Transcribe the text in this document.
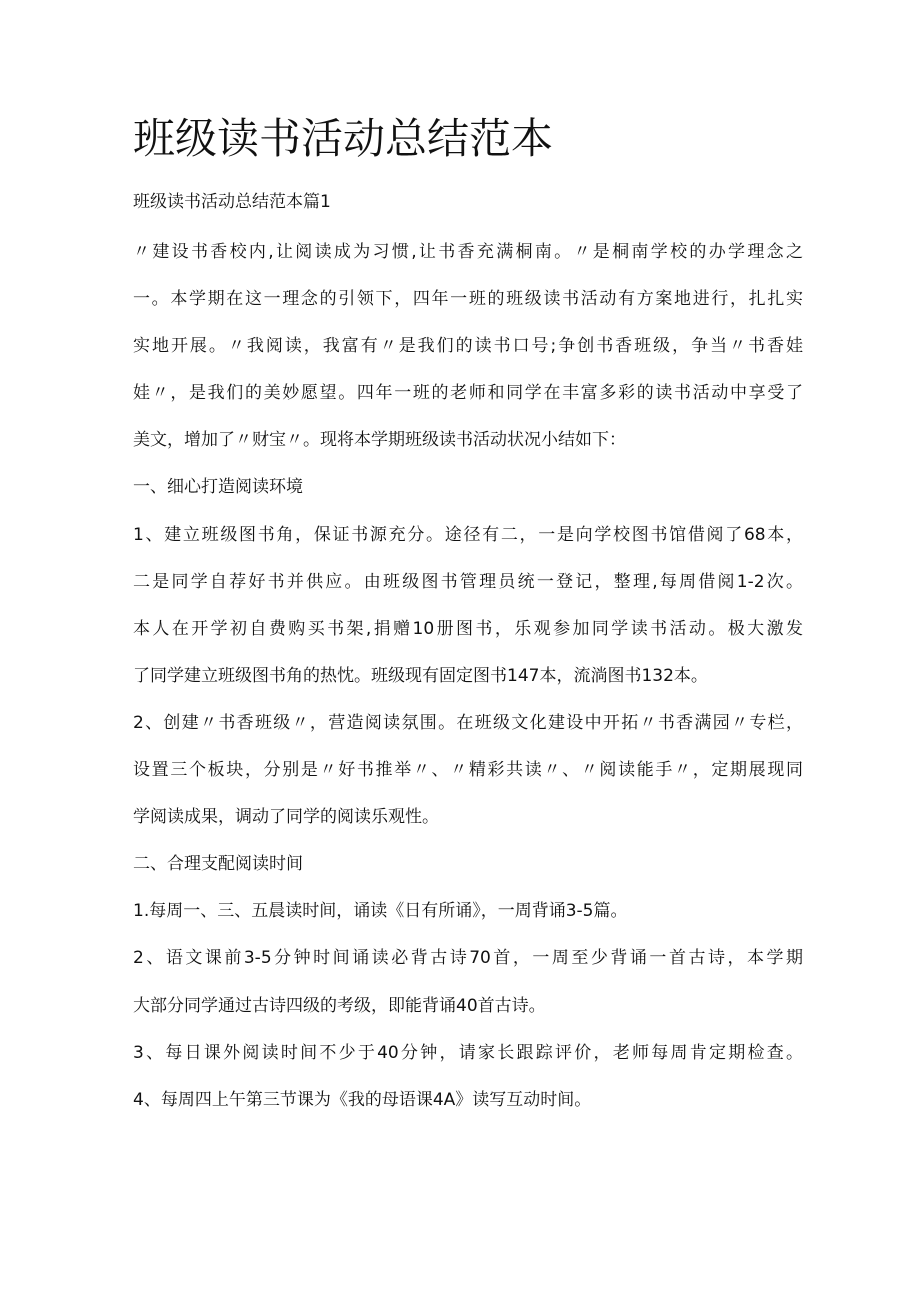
班级读书活动总结范本
班级读书活动总结范本篇1
〃建设书香校内,让阅读成为习惯,让书香充满桐南。〃是桐南学校的办学理念之
一。本学期在这一理念的引领下，四年一班的班级读书活动有方案地进行，扎扎实
实地开展。〃我阅读，我富有〃是我们的读书口号;争创书香班级，争当〃书香娃
娃〃，是我们的美妙愿望。四年一班的老师和同学在丰富多彩的读书活动中享受了
美文，增加了〃财宝〃。现将本学期班级读书活动状况小结如下：
一、细心打造阅读环境
1、建立班级图书角，保证书源充分。途径有二，一是向学校图书馆借阅了68本，
二是同学自荐好书并供应。由班级图书管理员统一登记，整理,每周借阅1-2次。
本人在开学初自费购买书架,捐赠10册图书，乐观参加同学读书活动。极大激发
了同学建立班级图书角的热忱。班级现有固定图书147本，流淌图书132本。
2、创建〃书香班级〃，营造阅读氛围。在班级文化建设中开拓〃书香满园〃专栏，
设置三个板块，分别是〃好书推举〃、〃精彩共读〃、〃阅读能手〃，定期展现同
学阅读成果，调动了同学的阅读乐观性。
二、合理支配阅读时间
1.每周一、三、五晨读时间，诵读《日有所诵》，一周背诵3-5篇。
2、语文课前3-5分钟时间诵读必背古诗70首，一周至少背诵一首古诗，本学期
大部分同学通过古诗四级的考级，即能背诵40首古诗。
3、每日课外阅读时间不少于40分钟，请家长跟踪评价，老师每周肯定期检查。
4、每周四上午第三节课为《我的母语课4A》读写互动时间。
